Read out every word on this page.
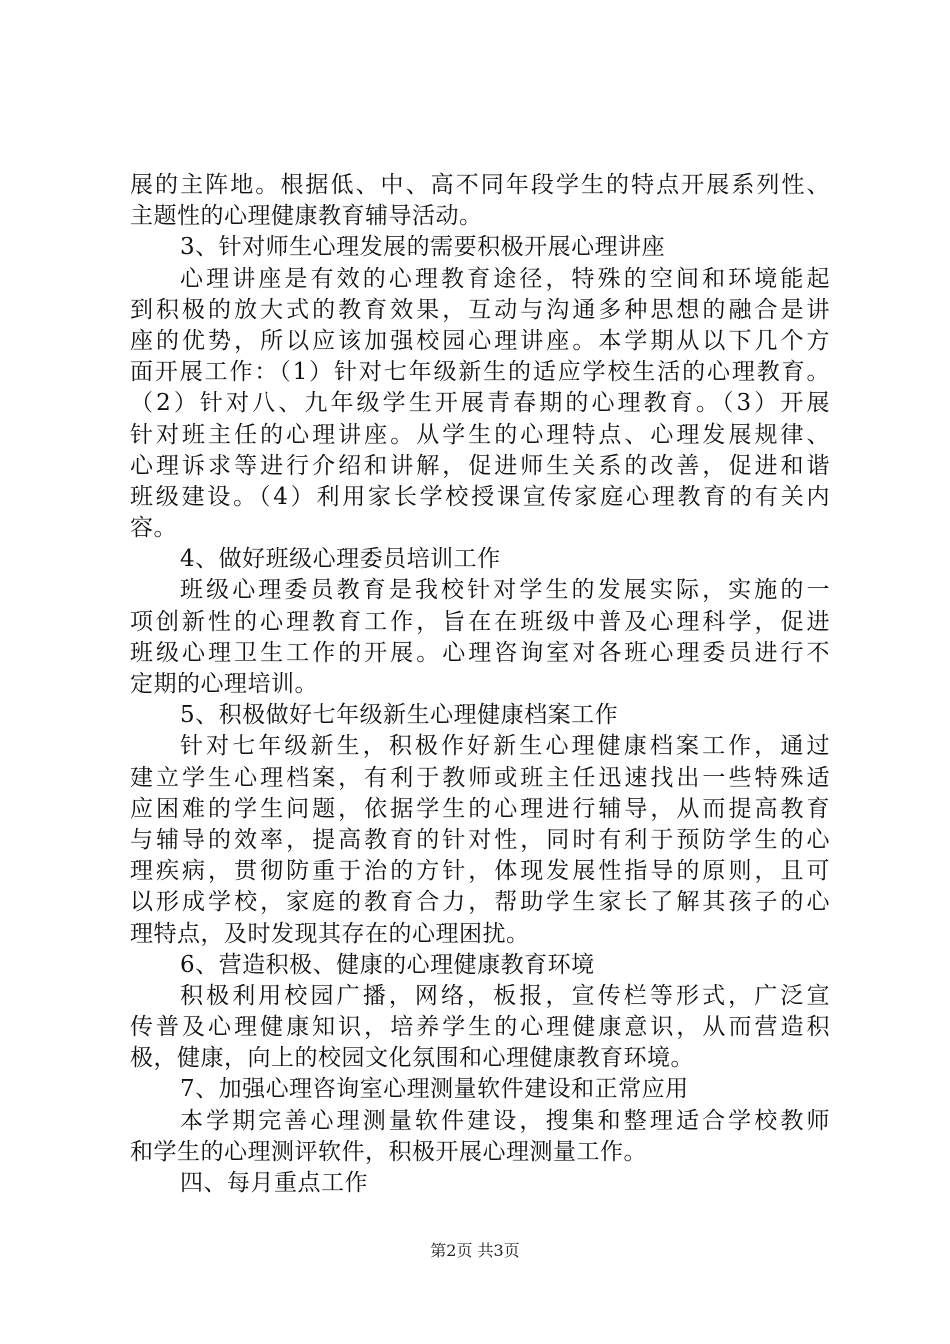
展的主阵地。根据低、中、高不同年段学生的特点开展系列性、
主题性的心理健康教育辅导活动。
3、针对师生心理发展的需要积极开展心理讲座
心理讲座是有效的心理教育途径，特殊的空间和环境能起
到积极的放大式的教育效果，互动与沟通多种思想的融合是讲
座的优势，所以应该加强校园心理讲座。本学期从以下几个方
面开展工作：（1）针对七年级新生的适应学校生活的心理教育。
（2）针对八、九年级学生开展青春期的心理教育。（3）开展
针对班主任的心理讲座。从学生的心理特点、心理发展规律、
心理诉求等进行介绍和讲解，促进师生关系的改善，促进和谐
班级建设。（4）利用家长学校授课宣传家庭心理教育的有关内
容。
4、做好班级心理委员培训工作
班级心理委员教育是我校针对学生的发展实际，实施的一
项创新性的心理教育工作，旨在在班级中普及心理科学，促进
班级心理卫生工作的开展。心理咨询室对各班心理委员进行不
定期的心理培训。
5、积极做好七年级新生心理健康档案工作
针对七年级新生，积极作好新生心理健康档案工作，通过
建立学生心理档案，有利于教师或班主任迅速找出一些特殊适
应困难的学生问题，依据学生的心理进行辅导，从而提高教育
与辅导的效率，提高教育的针对性，同时有利于预防学生的心
理疾病，贯彻防重于治的方针，体现发展性指导的原则，且可
以形成学校，家庭的教育合力，帮助学生家长了解其孩子的心
理特点，及时发现其存在的心理困扰。
6、营造积极、健康的心理健康教育环境
积极利用校园广播，网络，板报，宣传栏等形式，广泛宣
传普及心理健康知识，培养学生的心理健康意识，从而营造积
极，健康，向上的校园文化氛围和心理健康教育环境。
7、加强心理咨询室心理测量软件建设和正常应用
本学期完善心理测量软件建设，搜集和整理适合学校教师
和学生的心理测评软件，积极开展心理测量工作。
四、每月重点工作
第2页 共3页
